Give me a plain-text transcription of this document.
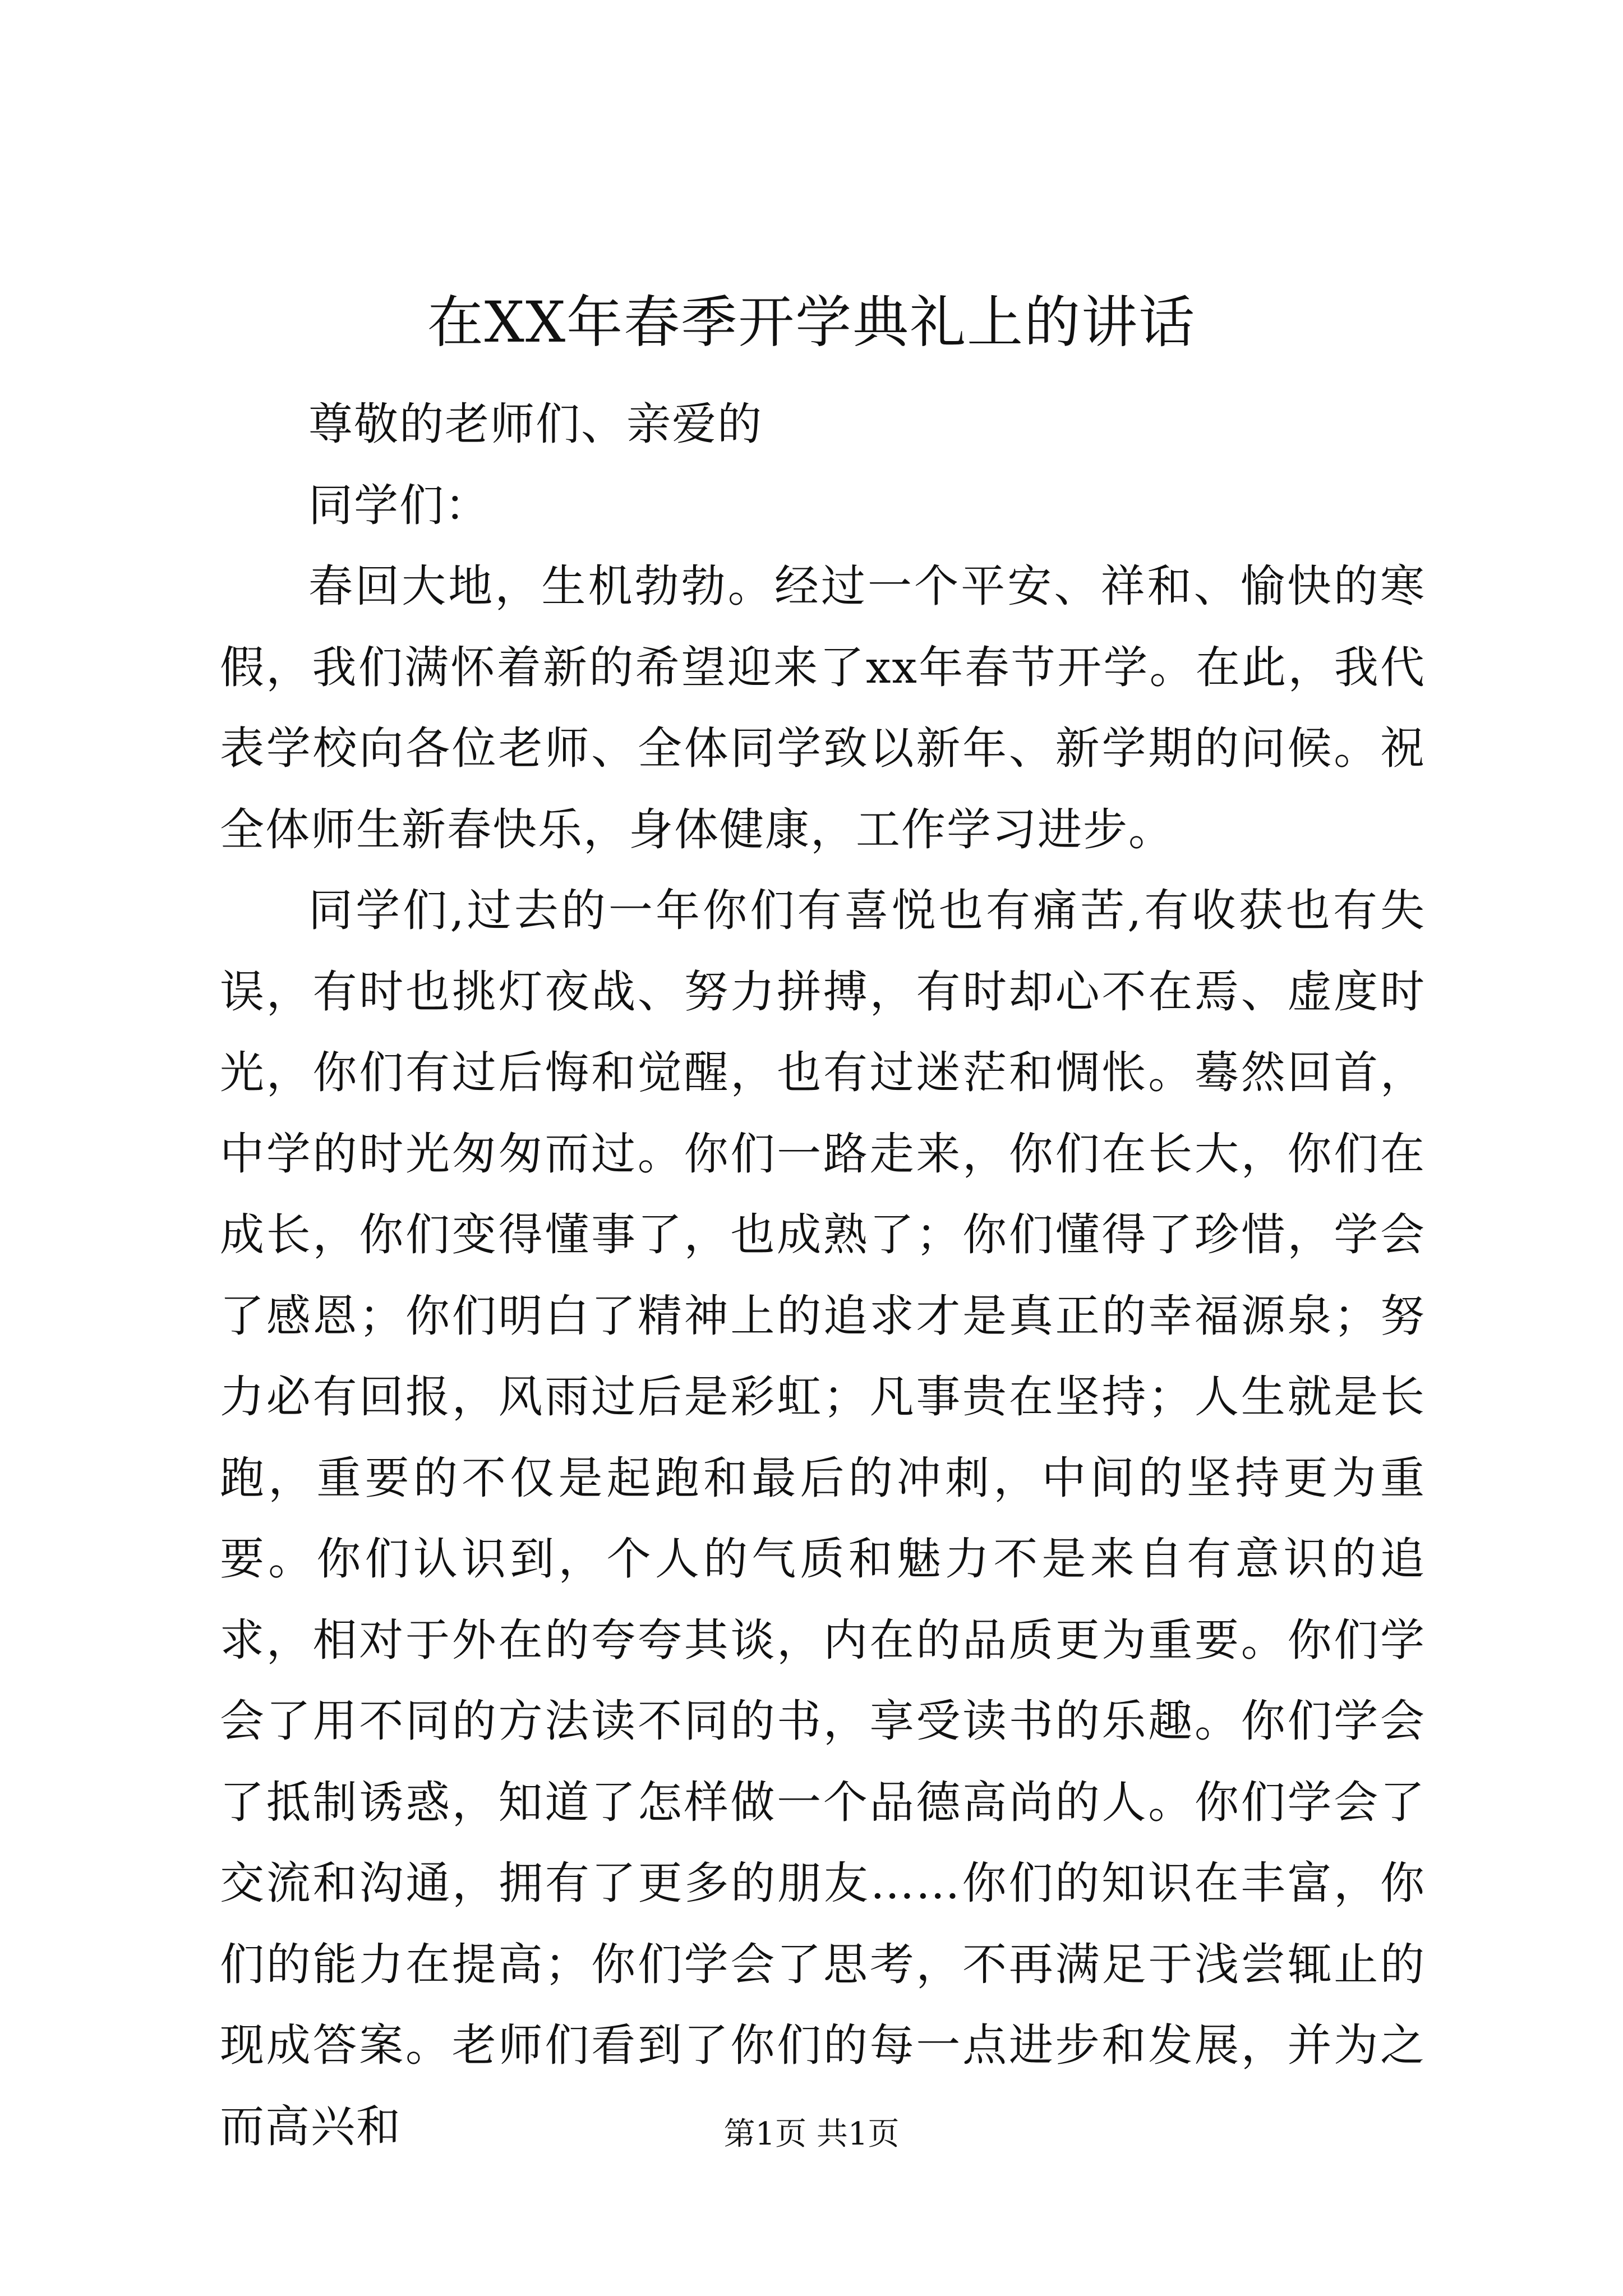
在XX年春季开学典礼上的讲话

尊敬的老师们、亲爱的

同学们：

春回大地，生机勃勃。经过一个平安、祥和、愉快的寒假，我们满怀着新的希望迎来了xx年春节开学。在此，我代表学校向各位老师、全体同学致以新年、新学期的问候。祝全体师生新春快乐，身体健康，工作学习进步。

同学们,过去的一年你们有喜悦也有痛苦,有收获也有失误，有时也挑灯夜战、努力拼搏，有时却心不在焉、虚度时光，你们有过后悔和觉醒，也有过迷茫和惆怅。蓦然回首，中学的时光匆匆而过。你们一路走来，你们在长大，你们在成长，你们变得懂事了，也成熟了；你们懂得了珍惜，学会了感恩；你们明白了精神上的追求才是真正的幸福源泉；努力必有回报，风雨过后是彩虹；凡事贵在坚持；人生就是长跑，重要的不仅是起跑和最后的冲刺，中间的坚持更为重要。你们认识到，个人的气质和魅力不是来自有意识的追求，相对于外在的夸夸其谈，内在的品质更为重要。你们学会了用不同的方法读不同的书，享受读书的乐趣。你们学会了抵制诱惑，知道了怎样做一个品德高尚的人。你们学会了交流和沟通，拥有了更多的朋友……你们的知识在丰富，你们的能力在提高；你们学会了思考，不再满足于浅尝辄止的现成答案。老师们看到了你们的每一点进步和发展，并为之而高兴和	第1页 共1页
